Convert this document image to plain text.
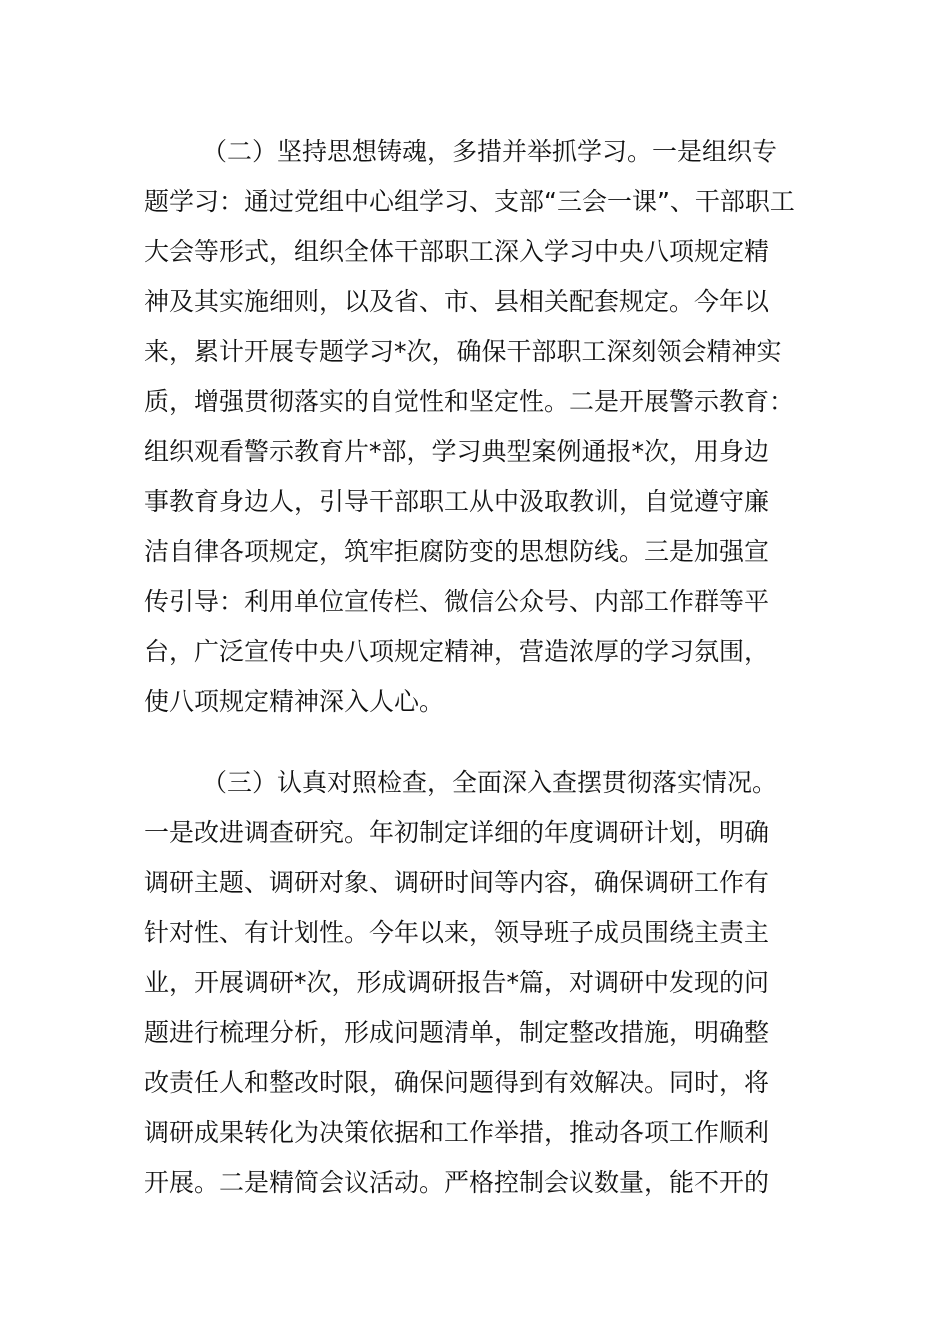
（二）坚持思想铸魂，多措并举抓学习。一是组织专
题学习：通过党组中心组学习、支部“三会一课”、干部职工
大会等形式，组织全体干部职工深入学习中央八项规定精
神及其实施细则，以及省、市、县相关配套规定。今年以
来，累计开展专题学习*次，确保干部职工深刻领会精神实
质，增强贯彻落实的自觉性和坚定性。二是开展警示教育：
组织观看警示教育片*部，学习典型案例通报*次，用身边
事教育身边人，引导干部职工从中汲取教训，自觉遵守廉
洁自律各项规定，筑牢拒腐防变的思想防线。三是加强宣
传引导：利用单位宣传栏、微信公众号、内部工作群等平
台，广泛宣传中央八项规定精神，营造浓厚的学习氛围，
使八项规定精神深入人心。
（三）认真对照检查，全面深入查摆贯彻落实情况。
一是改进调查研究。年初制定详细的年度调研计划，明确
调研主题、调研对象、调研时间等内容，确保调研工作有
针对性、有计划性。今年以来，领导班子成员围绕主责主
业，开展调研*次，形成调研报告*篇，对调研中发现的问
题进行梳理分析，形成问题清单，制定整改措施，明确整
改责任人和整改时限，确保问题得到有效解决。同时，将
调研成果转化为决策依据和工作举措，推动各项工作顺利
开展。二是精简会议活动。严格控制会议数量，能不开的
